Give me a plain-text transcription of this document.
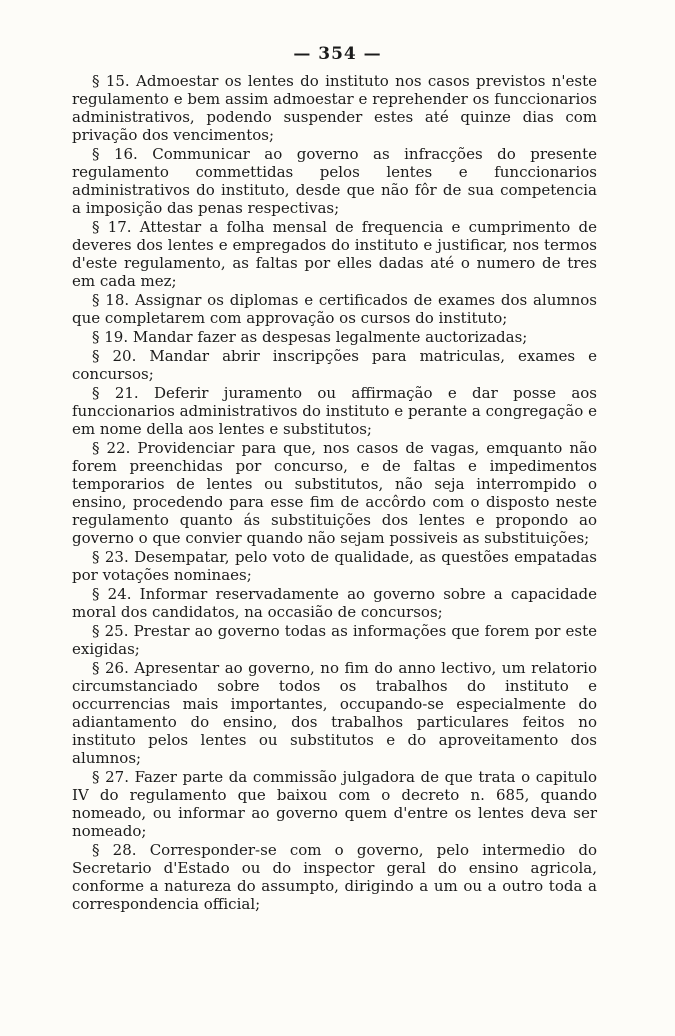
— 354 —

§ 15. Admoestar os lentes do instituto nos casos previstos n'este regulamento e bem assim admoestar e reprehender os funccionarios administrativos, podendo suspender estes até quinze dias com privação dos vencimentos;

§ 16. Communicar ao governo as infracções do presente regulamento commettidas pelos lentes e funccionarios administrativos do instituto, desde que não fôr de sua competencia a imposição das penas respectivas;

§ 17. Attestar a folha mensal de frequencia e cumprimento de deveres dos lentes e empregados do instituto e justificar, nos termos d'este regulamento, as faltas por elles dadas até o numero de tres em cada mez;

§ 18. Assignar os diplomas e certificados de exames dos alumnos que completarem com approvação os cursos do instituto;

§ 19. Mandar fazer as despesas legalmente auctorizadas;

§ 20. Mandar abrir inscripções para matriculas, exames e concursos;

§ 21. Deferir juramento ou affirmação e dar posse aos funccionarios administrativos do instituto e perante a congregação e em nome della aos lentes e substitutos;

§ 22. Providenciar para que, nos casos de vagas, emquanto não forem preenchidas por concurso, e de faltas e impedimentos temporarios de lentes ou substitutos, não seja interrompido o ensino, procedendo para esse fim de accôrdo com o disposto neste regulamento quanto ás substituições dos lentes e propondo ao governo o que convier quando não sejam possiveis as substituições;

§ 23. Desempatar, pelo voto de qualidade, as questões empatadas por votações nominaes;

§ 24. Informar reservadamente ao governo sobre a capacidade moral dos candidatos, na occasião de concursos;

§ 25. Prestar ao governo todas as informações que forem por este exigidas;

§ 26. Apresentar ao governo, no fim do anno lectivo, um relatorio circumstanciado sobre todos os trabalhos do instituto e occurrencias mais importantes, occupando-se especialmente do adiantamento do ensino, dos trabalhos particulares feitos no instituto pelos lentes ou substitutos e do aproveitamento dos alumnos;

§ 27. Fazer parte da commissão julgadora de que trata o capitulo IV do regulamento que baixou com o decreto n. 685, quando nomeado, ou informar ao governo quem d'entre os lentes deva ser nomeado;

§ 28. Corresponder-se com o governo, pelo intermedio do Secretario d'Estado ou do inspector geral do ensino agricola, conforme a natureza do assumpto, dirigindo a um ou a outro toda a correspondencia official;
